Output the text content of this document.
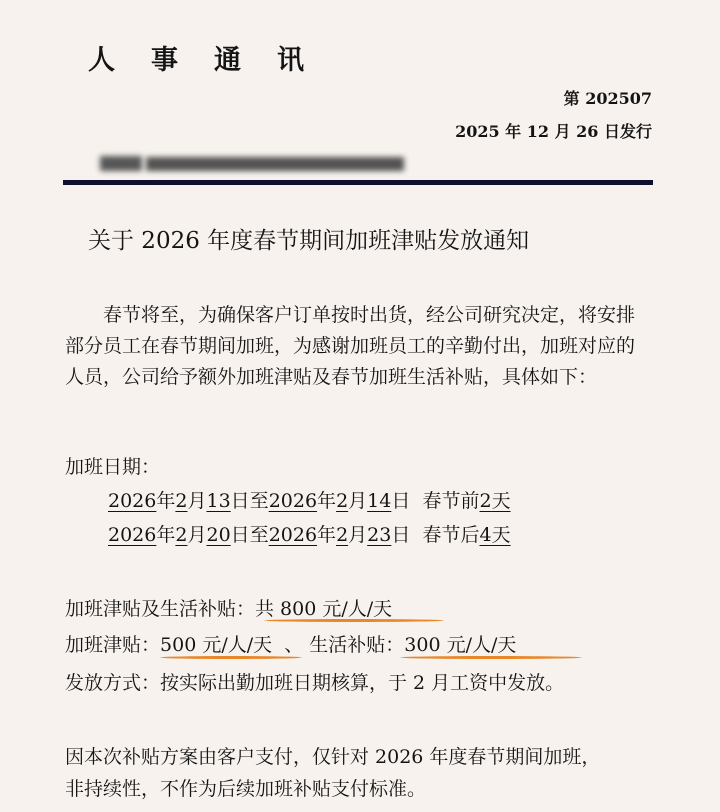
人 事 通 讯
第 202507
2025 年 12 月 26 日发行
关于 2026 年度春节期间加班津贴发放通知
春节将至，为确保客户订单按时出货，经公司研究决定，将安排部分员工在春节期间加班，为感谢加班员工的辛勤付出，加班对应的人员，公司给予额外加班津贴及春节加班生活补贴，具体如下：
加班日期：
2026年2月13日至2026年2月14日 春节前2天
2026年2月20日至2026年2月23日 春节后4天
加班津贴及生活补贴：共 800 元/人/天
加班津贴：500 元/人/天 、 生活补贴：300 元/人/天
发放方式：按实际出勤加班日期核算，于 2 月工资中发放。
因本次补贴方案由客户支付，仅针对 2026 年度春节期间加班，
非持续性，不作为后续加班补贴支付标准。
